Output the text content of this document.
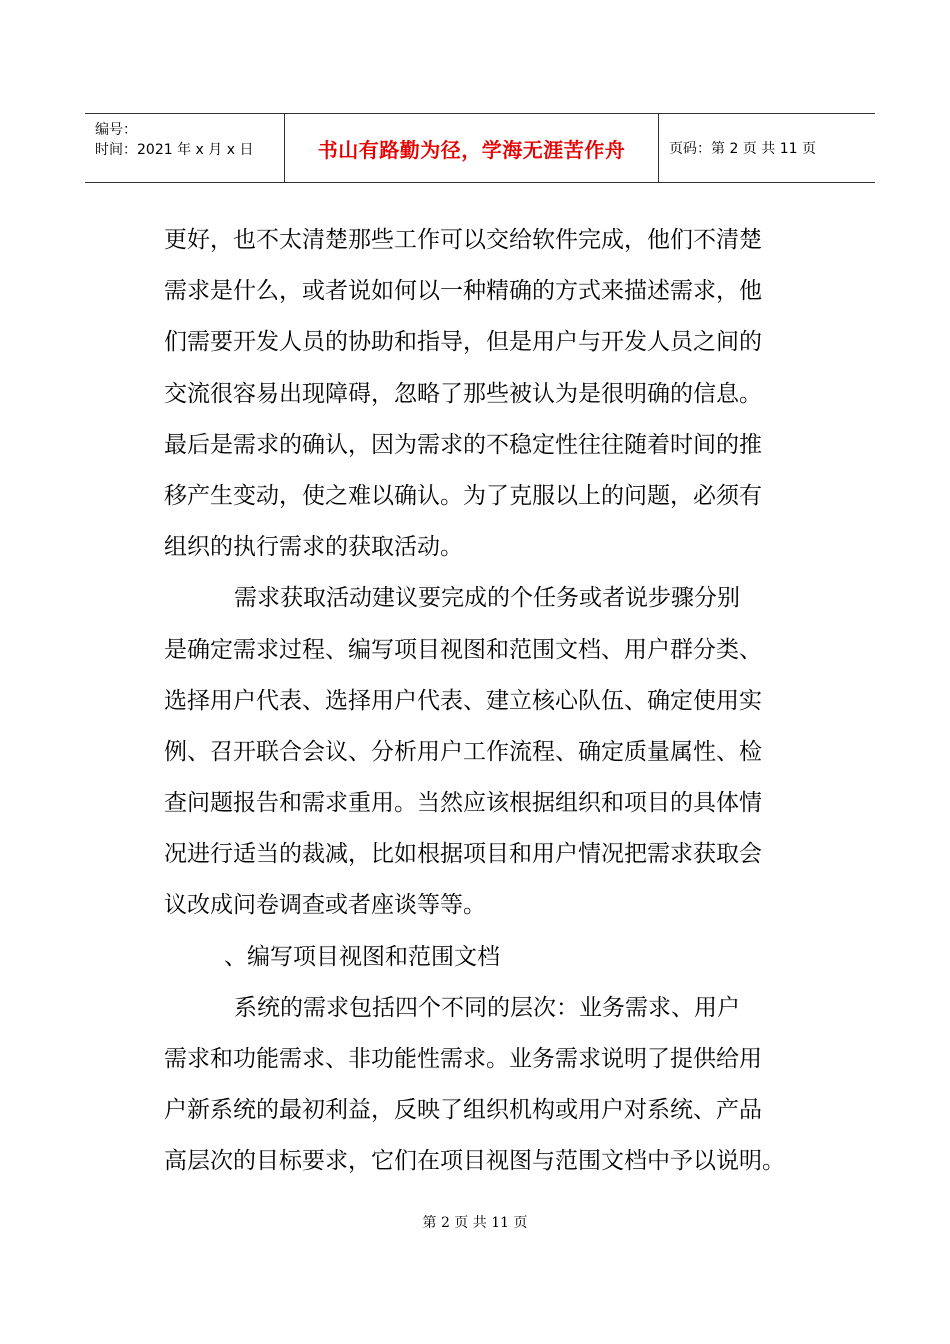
编号：
时间：2021 年 x 月 x 日	书山有路勤为径，学海无涯苦作舟	页码：第 2 页 共 11 页
更好，也不太清楚那些工作可以交给软件完成，他们不清楚
需求是什么，或者说如何以一种精确的方式来描述需求，他
们需要开发人员的协助和指导，但是用户与开发人员之间的
交流很容易出现障碍，忽略了那些被认为是很明确的信息。
最后是需求的确认，因为需求的不稳定性往往随着时间的推
移产生变动，使之难以确认。为了克服以上的问题，必须有
组织的执行需求的获取活动。
需求获取活动建议要完成的个任务或者说步骤分别
是确定需求过程、编写项目视图和范围文档、用户群分类、
选择用户代表、选择用户代表、建立核心队伍、确定使用实
例、召开联合会议、分析用户工作流程、确定质量属性、检
查问题报告和需求重用。当然应该根据组织和项目的具体情
况进行适当的裁减，比如根据项目和用户情况把需求获取会
议改成问卷调查或者座谈等等。
、编写项目视图和范围文档
系统的需求包括四个不同的层次：业务需求、用户
需求和功能需求、非功能性需求。业务需求说明了提供给用
户新系统的最初利益，反映了组织机构或用户对系统、产品
高层次的目标要求，它们在项目视图与范围文档中予以说明。
第 2 页 共 11 页
